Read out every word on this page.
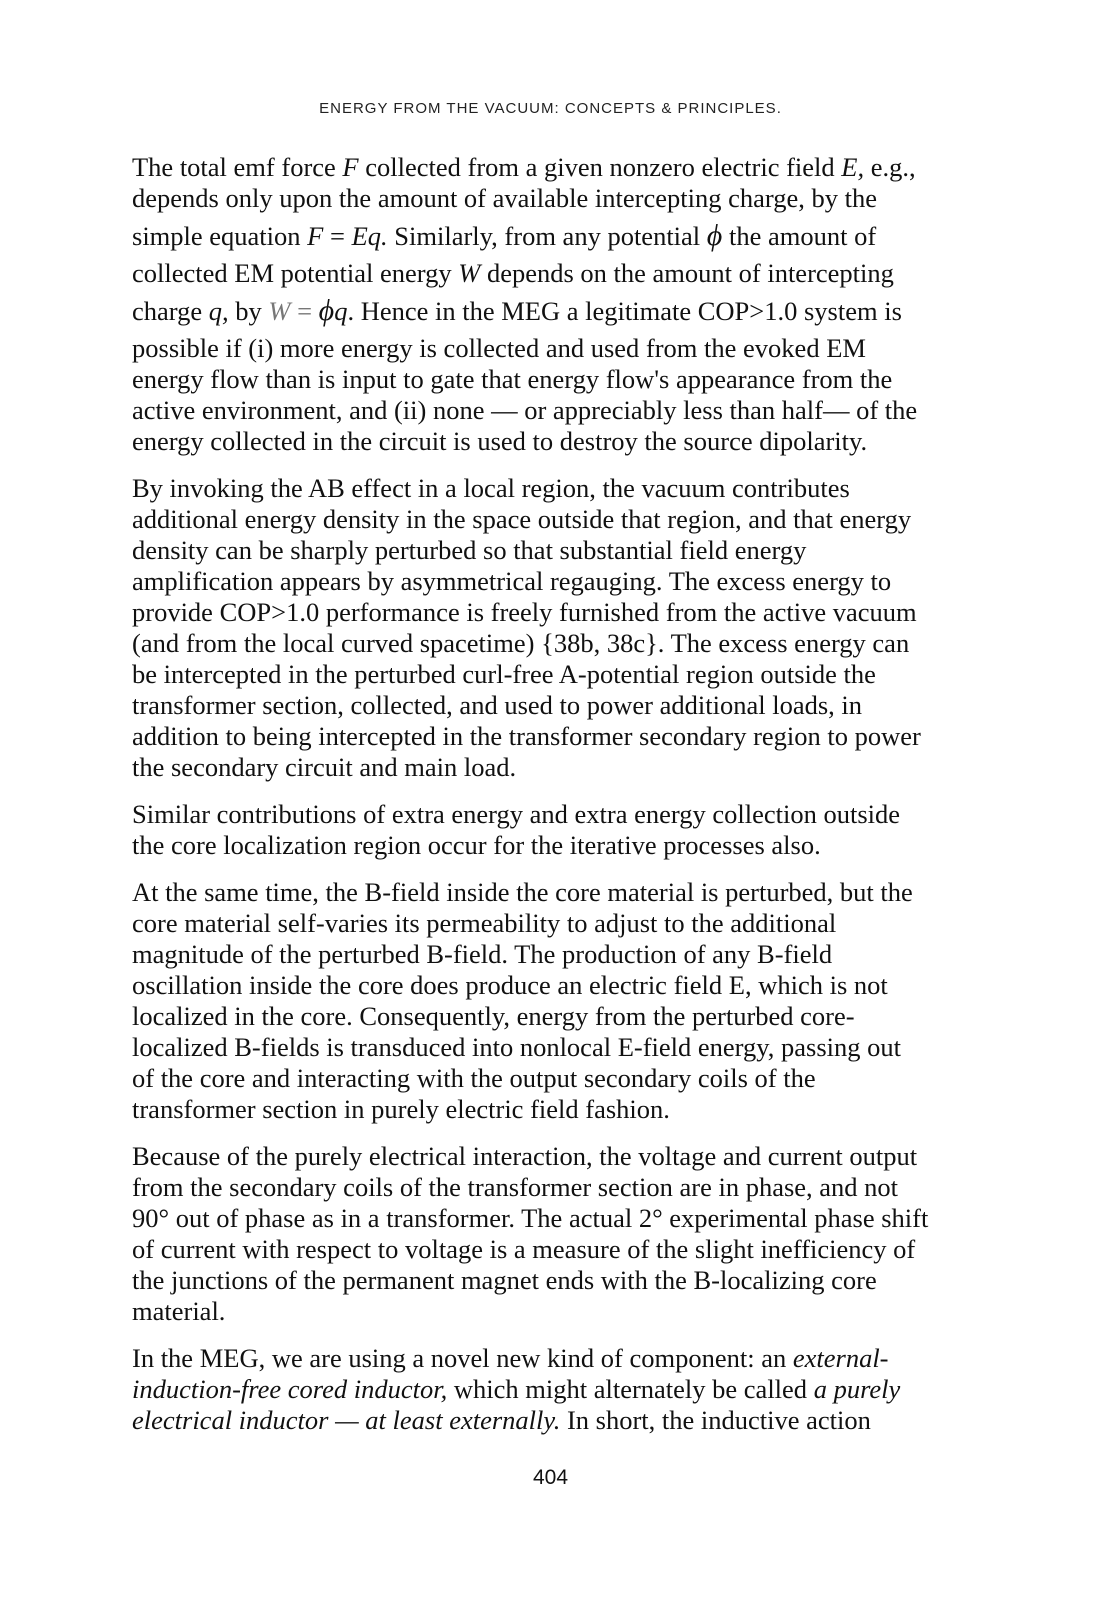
ENERGY FROM THE VACUUM: CONCEPTS & PRINCIPLES.

The total emf force F collected from a given nonzero electric field E, e.g.,
depends only upon the amount of available intercepting charge, by the
simple equation F = Eq. Similarly, from any potential ϕ the amount of
collected EM potential energy W depends on the amount of intercepting
charge q, by W = ϕq. Hence in the MEG a legitimate COP>1.0 system is
possible if (i) more energy is collected and used from the evoked EM
energy flow than is input to gate that energy flow's appearance from the
active environment, and (ii) none — or appreciably less than half— of the
energy collected in the circuit is used to destroy the source dipolarity.

By invoking the AB effect in a local region, the vacuum contributes
additional energy density in the space outside that region, and that energy
density can be sharply perturbed so that substantial field energy
amplification appears by asymmetrical regauging. The excess energy to
provide COP>1.0 performance is freely furnished from the active vacuum
(and from the local curved spacetime) {38b, 38c}. The excess energy can
be intercepted in the perturbed curl-free A-potential region outside the
transformer section, collected, and used to power additional loads, in
addition to being intercepted in the transformer secondary region to power
the secondary circuit and main load.

Similar contributions of extra energy and extra energy collection outside
the core localization region occur for the iterative processes also.

At the same time, the B-field inside the core material is perturbed, but the
core material self-varies its permeability to adjust to the additional
magnitude of the perturbed B-field. The production of any B-field
oscillation inside the core does produce an electric field E, which is not
localized in the core. Consequently, energy from the perturbed core-
localized B-fields is transduced into nonlocal E-field energy, passing out
of the core and interacting with the output secondary coils of the
transformer section in purely electric field fashion.

Because of the purely electrical interaction, the voltage and current output
from the secondary coils of the transformer section are in phase, and not
90° out of phase as in a transformer. The actual 2° experimental phase shift
of current with respect to voltage is a measure of the slight inefficiency of
the junctions of the permanent magnet ends with the B-localizing core
material.

In the MEG, we are using a novel new kind of component: an external-
induction-free cored inductor, which might alternately be called a purely
electrical inductor — at least externally. In short, the inductive action

404
